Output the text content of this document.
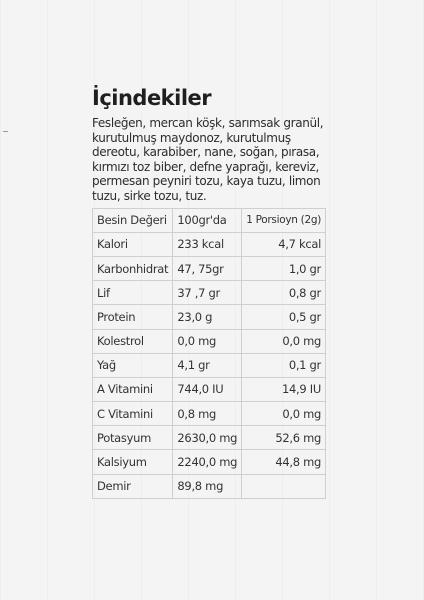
İçindekiler

Fesleğen, mercan köşk, sarımsak granül, kurutulmuş maydonoz, kurutulmuş dereotu, karabiber, nane, soğan, pırasa, kırmızı toz biber, defne yaprağı, kereviz, permesan peyniri tozu, kaya tuzu, limon tuzu, sirke tozu, tuz.

Besin Değeri	100gr'da	1 Porsioyn (2g)
Kalori	233 kcal	4,7 kcal
Karbonhidrat	47, 75gr	1,0 gr
Lif	37 ,7 gr	0,8 gr
Protein	23,0 g	0,5 gr
Kolestrol	0,0 mg	0,0 mg
Yağ	4,1 gr	0,1 gr
A Vitamini	744,0 IU	14,9 IU
C Vitamini	0,8 mg	0,0 mg
Potasyum	2630,0 mg	52,6 mg
Kalsiyum	2240,0 mg	44,8 mg
Demir	89,8 mg	
